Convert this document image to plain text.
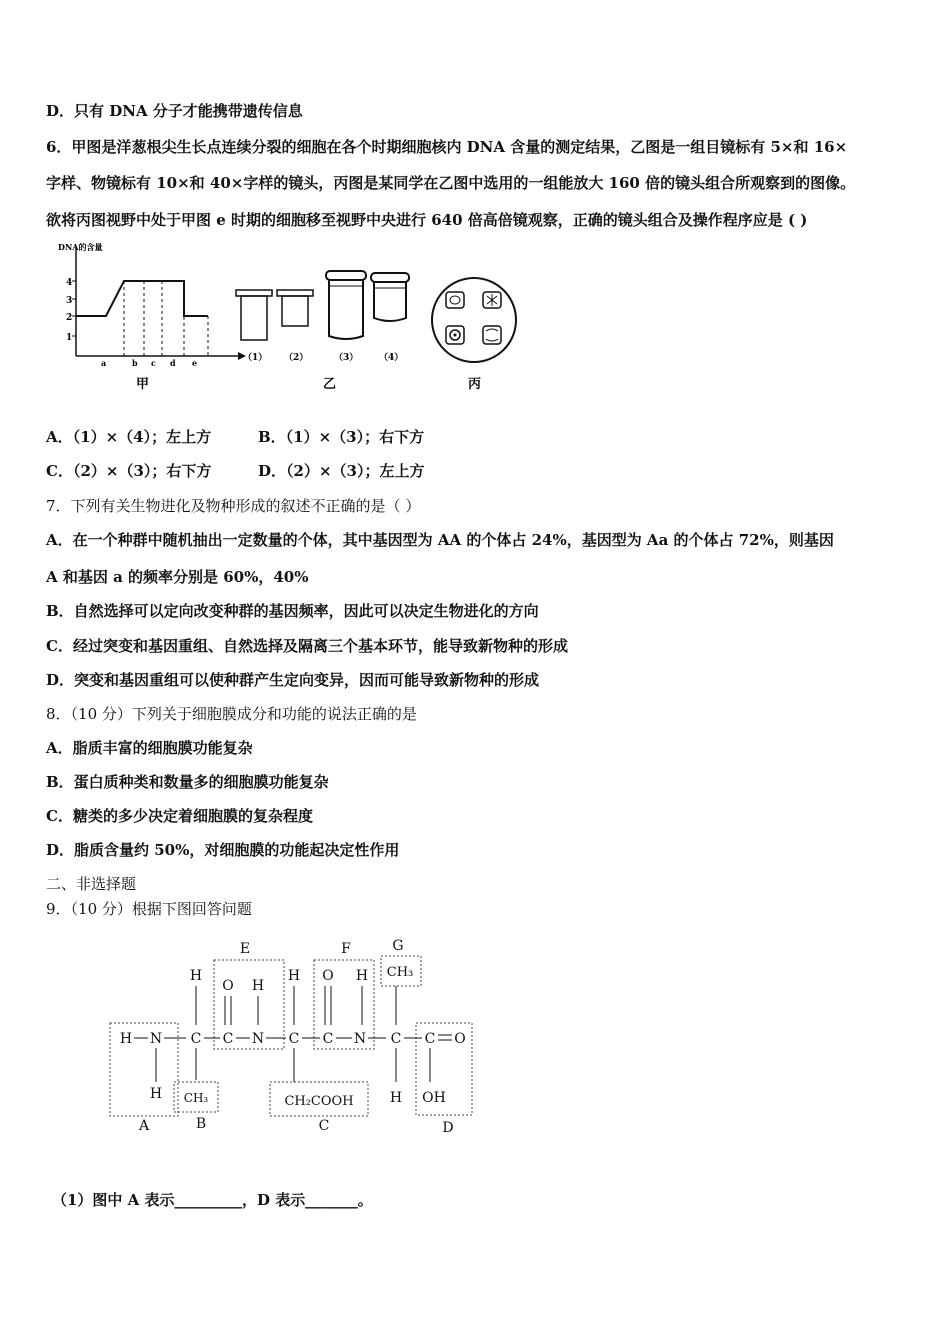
D．只有 DNA 分子才能携带遗传信息
6．甲图是洋葱根尖生长点连续分裂的细胞在各个时期细胞核内 DNA 含量的测定结果，乙图是一组目镜标有 5×和 16×
字样、物镜标有 10×和 40×字样的镜头，丙图是某同学在乙图中选用的一组能放大 160 倍的镜头组合所观察到的图像。
欲将丙图视野中处于甲图 e 时期的细胞移至视野中央进行 640 倍高倍镜观察，正确的镜头组合及操作程序应是 ( )
DNA的含量
1
2
3
4
a	b c d e
甲
（1） （2）	（3） （4）
乙	丙
A．（1）×（4）；左上方	B．（1）×（3）；右下方
C．（2）×（3）；右下方	D．（2）×（3）；左上方
7．下列有关生物进化及物种形成的叙述不正确的是（ ）
A．在一个种群中随机抽出一定数量的个体，其中基因型为 AA 的个体占 24%，基因型为 Aa 的个体占 72%，则基因
A 和基因 a 的频率分别是 60%，40%
B．自然选择可以定向改变种群的基因频率，因此可以决定生物进化的方向
C．经过突变和基因重组、自然选择及隔离三个基本环节，能导致新物种的形成
D．突变和基因重组可以使种群产生定向变异，因而可能导致新物种的形成
8．（10 分）下列关于细胞膜成分和功能的说法正确的是
A．脂质丰富的细胞膜功能复杂
B．蛋白质种类和数量多的细胞膜功能复杂
C．糖类的多少决定着细胞膜的复杂程度
D．脂质含量约 50%，对细胞膜的功能起决定性作用
二、非选择题
9．（10 分）根据下图回答问题
A	B	C	D
E	F	G
H N C C N C C N C C O
H
O H
H O H CH₃
H CH₃	CH₂COOH	H OH
（1）图中 A 表示_________，D 表示_______。
